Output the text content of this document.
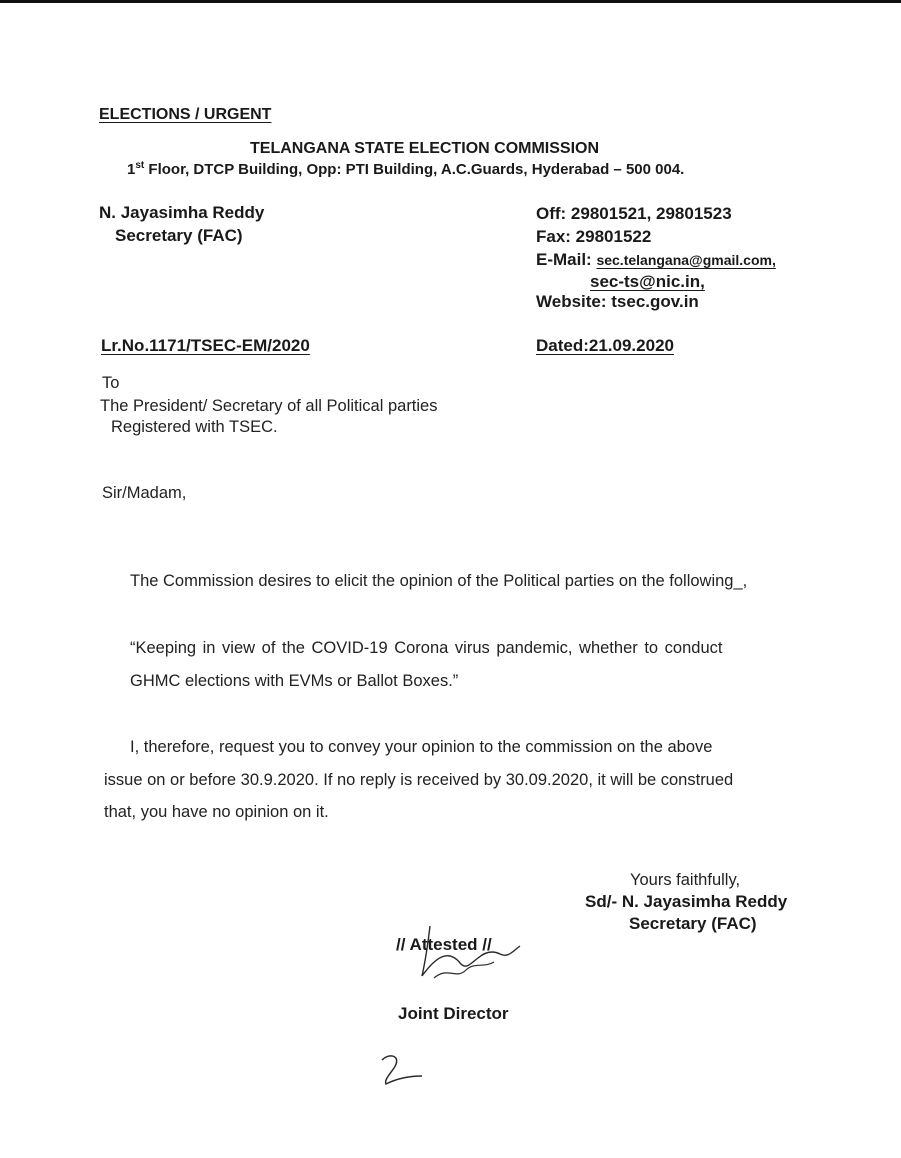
ELECTIONS / URGENT
TELANGANA STATE ELECTION COMMISSION
1st Floor, DTCP Building, Opp: PTI Building, A.C.Guards, Hyderabad – 500 004.
N. Jayasimha Reddy
Secretary (FAC)
Off: 29801521, 29801523
Fax: 29801522
E-Mail: sec.telangana@gmail.com,
sec-ts@nic.in,
Website: tsec.gov.in
Lr.No.1171/TSEC-EM/2020	Dated:21.09.2020
To
The President/ Secretary of all Political parties
Registered with TSEC.
Sir/Madam,
The Commission desires to elicit the opinion of the Political parties on the following_,
“Keeping in view of the COVID-19 Corona virus pandemic, whether to conduct
GHMC elections with EVMs or Ballot Boxes.”
I, therefore, request you to convey your opinion to the commission on the above
issue on or before 30.9.2020. If no reply is received by 30.09.2020, it will be construed
that, you have no opinion on it.
Yours faithfully,
Sd/- N. Jayasimha Reddy
Secretary (FAC)
// Attested //
Joint Director
